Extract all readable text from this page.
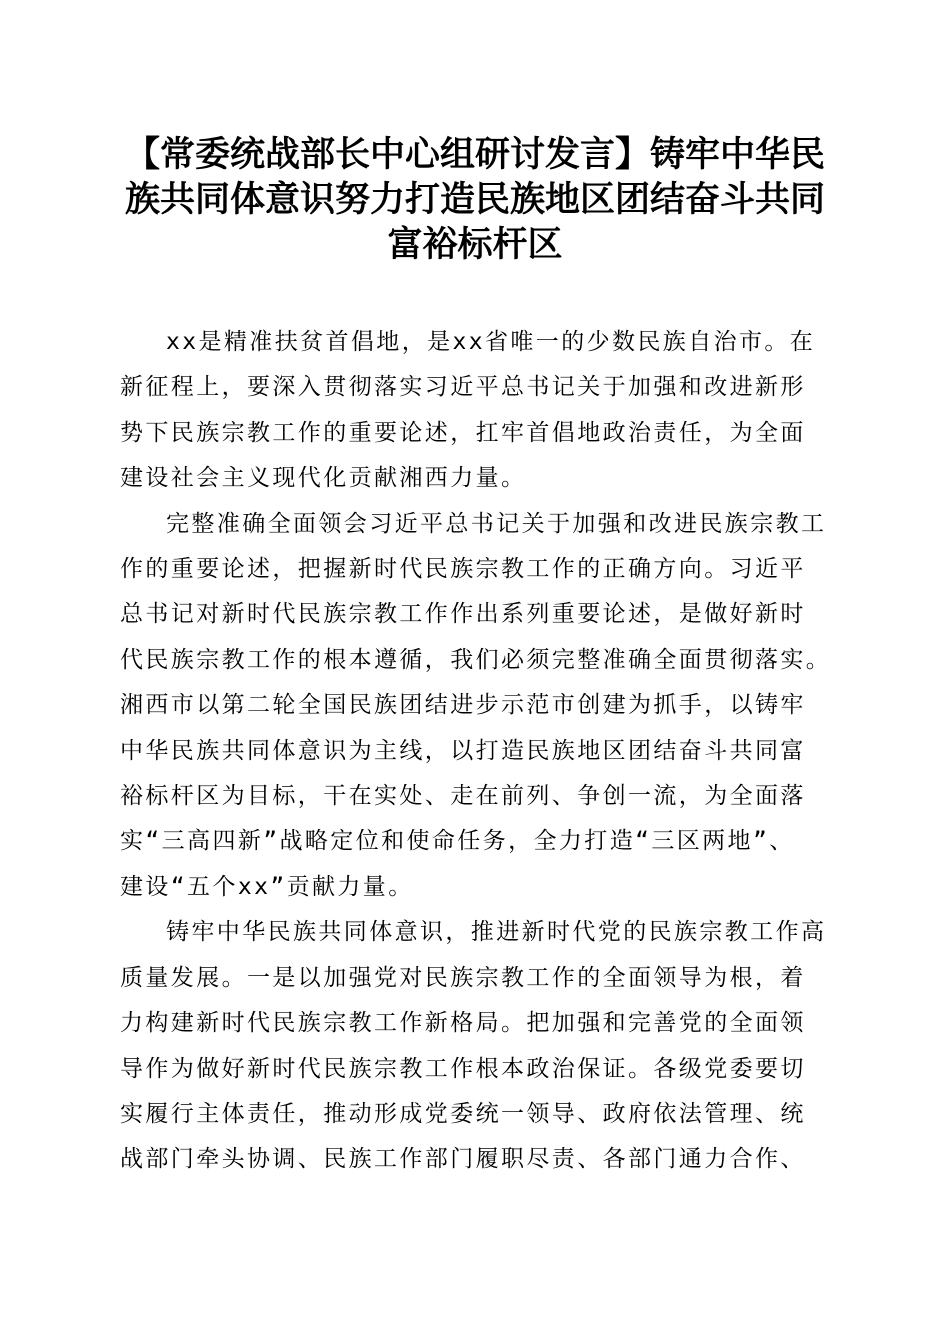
【常委统战部长中心组研讨发言】铸牢中华民
族共同体意识努力打造民族地区团结奋斗共同
富裕标杆区

xx是精准扶贫首倡地，是xx省唯一的少数民族自治市。在
新征程上，要深入贯彻落实习近平总书记关于加强和改进新形
势下民族宗教工作的重要论述，扛牢首倡地政治责任，为全面
建设社会主义现代化贡献湘西力量。

完整准确全面领会习近平总书记关于加强和改进民族宗教工
作的重要论述，把握新时代民族宗教工作的正确方向。习近平
总书记对新时代民族宗教工作作出系列重要论述，是做好新时
代民族宗教工作的根本遵循，我们必须完整准确全面贯彻落实。
湘西市以第二轮全国民族团结进步示范市创建为抓手，以铸牢
中华民族共同体意识为主线，以打造民族地区团结奋斗共同富
裕标杆区为目标，干在实处、走在前列、争创一流，为全面落
实“三高四新”战略定位和使命任务，全力打造“三区两地”、
建设“五个xx”贡献力量。

铸牢中华民族共同体意识，推进新时代党的民族宗教工作高
质量发展。一是以加强党对民族宗教工作的全面领导为根，着
力构建新时代民族宗教工作新格局。把加强和完善党的全面领
导作为做好新时代民族宗教工作根本政治保证。各级党委要切
实履行主体责任，推动形成党委统一领导、政府依法管理、统
战部门牵头协调、民族工作部门履职尽责、各部门通力合作、
